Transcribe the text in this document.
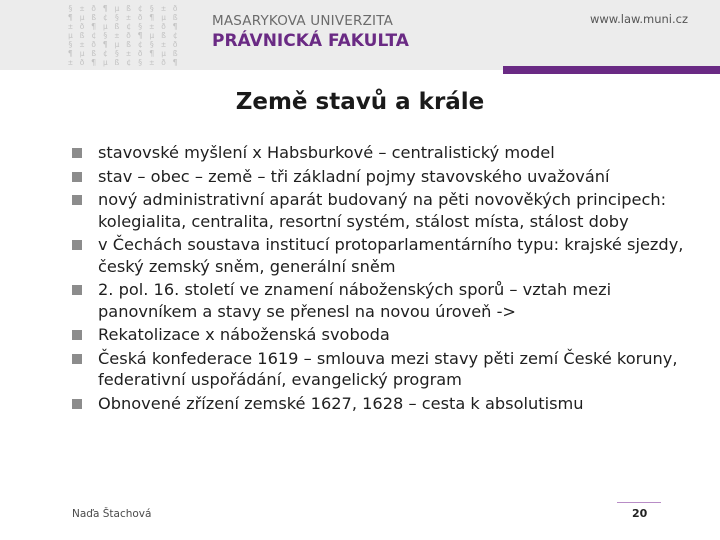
§ ± ð ¶ µ ß ¢ § ± ð
¶ µ ß ¢ § ± ð ¶ µ ß
± ð ¶ µ ß ¢ § ± ð ¶
µ ß ¢ § ± ð ¶ µ ß ¢
§ ± ð ¶ µ ß ¢ § ± ð
¶ µ ß ¢ § ± ð ¶ µ ß
± ð ¶ µ ß ¢ § ± ð ¶
MASARYKOVA UNIVERZITA
PRÁVNICKÁ FAKULTA
www.law.muni.cz
Země stavů a krále
stavovské myšlení x Habsburkové – centralistický model
stav – obec – země – tři základní pojmy stavovského uvažování
nový administrativní aparát budovaný na pěti novověkých principech: kolegialita, centralita, resortní systém, stálost místa, stálost doby
v Čechách soustava institucí protoparlamentárního typu: krajské sjezdy, český zemský sněm, generální sněm
2. pol. 16. století ve znamení náboženských sporů – vztah mezi panovníkem a stavy se přenesl na novou úroveň ->
Rekatolizace x náboženská svoboda
Česká konfederace 1619 – smlouva mezi stavy pěti zemí České koruny, federativní uspořádání, evangelický program
Obnovené zřízení zemské 1627, 1628 – cesta k absolutismu
Naďa Štachová	20
